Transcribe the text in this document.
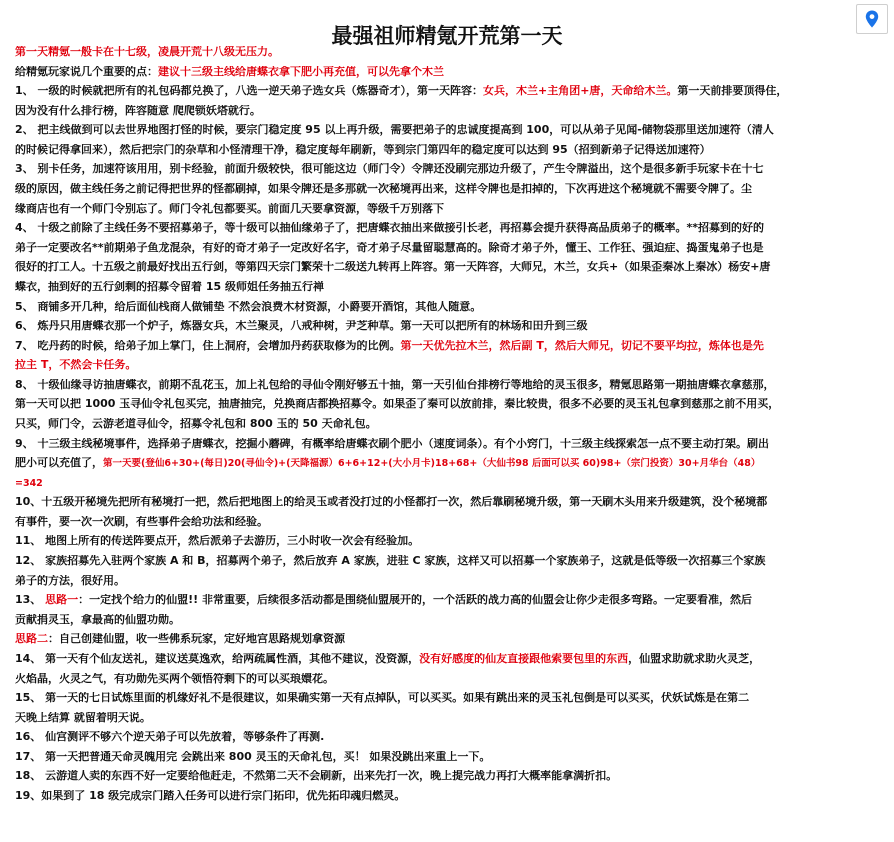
最强祖师精氪开荒第一天
第一天精氪一般卡在十七级，凌晨开荒十八级无压力。
给精氪玩家说几个重要的点：建议十三级主线给唐蝶衣拿下肥小再充值，可以先拿个木兰
1、 一级的时候就把所有的礼包码都兑换了，八选一逆天弟子选女兵（炼器奇才），第一天阵容：女兵，木兰+主角团+唐，天命给木兰。第一天前排要顶得住，
因为没有什么排行榜，阵容随意 爬爬锁妖塔就行。
2、 把主线做到可以去世界地图打怪的时候，要宗门稳定度 95 以上再升级，需要把弟子的忠诚度提高到 100，可以从弟子见闻-储物袋那里送加速符（清人
的时候记得拿回来），然后把宗门的杂草和小怪清理干净，稳定度每年刷新，等到宗门第四年的稳定度可以达到 95（招到新弟子记得送加速符）
3、 别卡任务，加速符该用用，别卡经验，前面升级较快，很可能这边（师门令）令牌还没刷完那边升级了，产生令牌溢出，这个是很多新手玩家卡在十七
级的原因，做主线任务之前记得把世界的怪都刷掉，如果令牌还是多那就一次秘境再出来，这样令牌也是扣掉的，下次再进这个秘境就不需要令牌了。尘
缘商店也有一个师门令别忘了。师门令礼包都要买。前面几天要拿资源，等级千万别落下
4、 十级之前除了主线任务不要招募弟子，等十级可以抽仙缘弟子了，把唐蝶衣抽出来做接引长老，再招募会提升获得高品质弟子的概率。**招募到的好的
弟子一定要改名**前期弟子鱼龙混杂，有好的奇才弟子一定改好名字，奇才弟子尽量留聪慧高的。除奇才弟子外，懂王、工作狂、强迫症、捣蛋鬼弟子也是
很好的打工人。十五级之前最好找出五行剑，等第四天宗门繁荣十二级送九转再上阵容。第一天阵容，大师兄，木兰，女兵+（如果歪秦冰上秦冰）杨安+唐
蝶衣，抽到好的五行剑剩的招募令留着 15 级师姐任务抽五行禅
5、 商铺多开几种，给后面仙栈商人做铺垫 不然会浪费木材资源，小爵要开酒馆，其他人随意。
6、 炼丹只用唐蝶衣那一个炉子，炼器女兵，木兰聚灵，八戒种树，尹芝种草。第一天可以把所有的林场和田升到三级
7、 吃丹药的时候，给弟子加上掌门，住上洞府，会增加丹药获取修为的比例。第一天优先拉木兰，然后副 T，然后大师兄，切记不要平均拉，炼体也是先
拉主 T，不然会卡任务。
8、 十级仙缘寻访抽唐蝶衣，前期不乱花玉，加上礼包给的寻仙令刚好够五十抽，第一天引仙台排榜行等地给的灵玉很多，精氪思路第一期抽唐蝶衣拿慈那，
第一天可以把 1000 玉寻仙令礼包买完，抽唐抽完，兑换商店都换招募令。如果歪了秦可以放前排，秦比较贵，很多不必要的灵玉礼包拿到慈那之前不用买，
只买，师门令，云游老道寻仙令，招募令礼包和 800 玉的 50 天命礼包。
9、 十三级主线秘境事件，选择弟子唐蝶衣，挖掘小蘑碑，有概率给唐蝶衣刷个肥小（速度词条）。有个小窍门，十三级主线探索怎一点不要主动打架。刷出
肥小可以充值了，第一天要(登仙6+30+(每日)20(寻仙令)+(天降福源）6+6+12+(大小月卡)18+68+（大仙书98 后面可以买 60)98+（宗门投资）30+月华台（48）
=342
10、十五级开秘境先把所有秘境打一把，然后把地图上的给灵玉或者没打过的小怪都打一次，然后靠刷秘境升级，第一天刷木头用来升级建筑，没个秘境都
有事件，要一次一次刷，有些事件会给功法和经验。
11、 地图上所有的传送阵要点开，然后派弟子去游历，三小时收一次会有经验加。
12、 家族招募先入驻两个家族 A 和 B，招募两个弟子，然后放弃 A 家族，进驻 C 家族，这样又可以招募一个家族弟子，这就是低等级一次招募三个家族
弟子的方法，很好用。
13、 思路一：一定找个给力的仙盟!! 非常重要，后续很多活动都是围绕仙盟展开的，一个活跃的战力高的仙盟会让你少走很多弯路。一定要看准，然后
贡献捐灵玉，拿最高的仙盟功勋。
思路二：自己创建仙盟，收一些佛系玩家，定好地宫思路规划拿资源
14、 第一天有个仙友送礼，建议送莫逸欢，给两疏属性酒，其他不建议，没资源，没有好感度的仙友直接跟他索要包里的东西，仙盟求助就求助火灵芝，
火焰晶，火灵之气，有功勋先买两个领悟符剩下的可以买琅嬛花。
15、 第一天的七日试炼里面的机缘好礼不是很建议，如果确实第一天有点掉队，可以买买。如果有跳出来的灵玉礼包倒是可以买买，伏妖试炼是在第二
天晚上结算 就留着明天说。
16、 仙宫测评不够六个逆天弟子可以先放着，等够条件了再测.
17、 第一天把普通天命灵魄用完 会跳出来 800 灵玉的天命礼包，买！ 如果没跳出来重上一下。
18、 云游道人卖的东西不好一定要给他赶走，不然第二天不会刷新，出来先打一次，晚上提完战力再打大概率能拿满折扣。
19、如果到了 18 级完成宗门踏入任务可以进行宗门拓印，优先拓印魂归燃灵。
